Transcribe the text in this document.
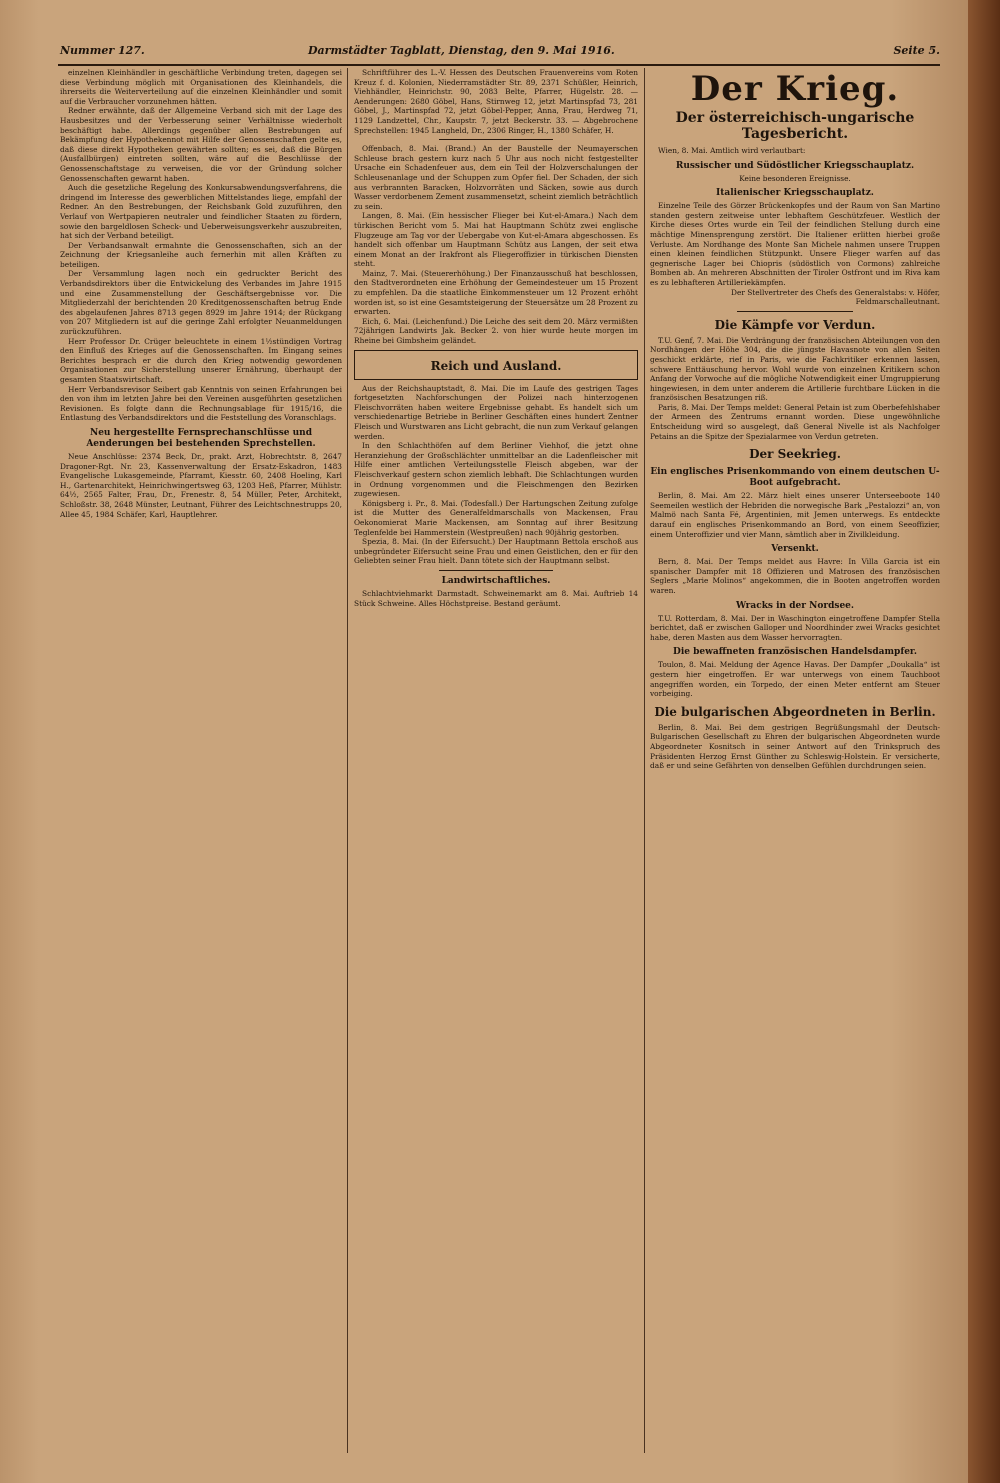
Nummer 127.	Darmstädter Tagblatt, Dienstag, den 9. Mai 1916.	Seite 5.

einzelnen Kleinhändler in geschäftliche Verbindung treten, dagegen sei diese Verbindung möglich mit Organisationen des Kleinhandels, die ihrerseits die Weiterverteilung auf die einzelnen Kleinhändler und somit auf die Verbraucher vorzunehmen hätten.

Redner erwähnte, daß der Allgemeine Verband sich mit der Lage des Hausbesitzes und der Verbesserung seiner Verhältnisse wiederholt beschäftigt habe. Allerdings gegenüber allen Bestrebungen auf Bekämpfung der Hypothekennot mit Hilfe der Genossenschaften gelte es, daß diese direkt Hypotheken gewährten sollten; es sei, daß die Bürgen (Ausfallbürgen) eintreten sollten, wäre auf die Beschlüsse der Genossenschaftstage zu verweisen, die vor der Gründung solcher Genossenschaften gewarnt haben.

Auch die gesetzliche Regelung des Konkursabwendungsverfahrens, die dringend im Interesse des gewerblichen Mittelstandes liege, empfahl der Redner. An den Bestrebungen, der Reichsbank Gold zuzuführen, den Verlauf von Wertpapieren neutraler und feindlicher Staaten zu fördern, sowie den bargeldlosen Scheck- und Ueberweisungsverkehr auszubreiten, hat sich der Verband beteiligt.

Der Verbandsanwalt ermahnte die Genossenschaften, sich an der Zeichnung der Kriegsanleihe auch fernerhin mit allen Kräften zu beteiligen.

Der Versammlung lagen noch ein gedruckter Bericht des Verbandsdirektors über die Entwickelung des Verbandes im Jahre 1915 und eine Zusammenstellung der Geschäftsergebnisse vor. Die Mitgliederzahl der berichtenden 20 Kreditgenossenschaften betrug Ende des abgelaufenen Jahres 8713 gegen 8929 im Jahre 1914; der Rückgang von 207 Mitgliedern ist auf die geringe Zahl erfolgter Neuanmeldungen zurückzuführen.

Herr Professor Dr. Crüger beleuchtete in einem 1½stündigen Vortrag den Einfluß des Krieges auf die Genossenschaften. Im Eingang seines Berichtes besprach er die durch den Krieg notwendig gewordenen Organisationen zur Sicherstellung unserer Ernährung, überhaupt der gesamten Staatswirtschaft.

Herr Verbandsrevisor Seibert gab Kenntnis von seinen Erfahrungen bei den von ihm im letzten Jahre bei den Vereinen ausgeführten gesetzlichen Revisionen. Es folgte dann die Rechnungsablage für 1915/16, die Entlastung des Verbandsdirektors und die Feststellung des Voranschlags.

Neu hergestellte Fernsprechanschlüsse und Aenderungen bei bestehenden Sprechstellen.

Neue Anschlüsse: 2374 Beck, Dr., prakt. Arzt, Hobrechtstr. 8, 2647 Dragoner-Rgt. Nr. 23, Kassenverwaltung der Ersatz-Eskadron, 1483 Evangelische Lukasgemeinde, Pfarramt, Kiesstr. 60, 2408 Hoeling, Karl H., Gartenarchitekt, Heinrichwingertsweg 63, 1203 Heß, Pfarrer, Mühlstr. 64½, 2565 Falter, Frau, Dr., Frenestr. 8, 54 Müller, Peter, Architekt, Schloßstr. 38, 2648 Münster, Leutnant, Führer des Leichtschnestrupps 20, Allee 45, 1984 Schäfer, Karl, Hauptlehrer.

Schriftführer des L.-V. Hessen des Deutschen Frauenvereins vom Roten Kreuz f. d. Kolonien, Niederramstädter Str. 89, 2371 Schüßler, Heinrich, Viehhändler, Heinrichstr. 90, 2083 Belte, Pfarrer, Hügelstr. 28. — Aenderungen: 2680 Göbel, Hans, Stirnweg 12, jetzt Martinspfad 73, 281 Göbel, J., Martinspfad 72, jetzt Göbel-Pepper, Anna, Frau, Herdweg 71, 1129 Landzettel, Chr., Kaupstr. 7, jetzt Beckerstr. 33. — Abgebrochene Sprechstellen: 1945 Langheld, Dr., 2306 Ringer, H., 1380 Schäfer, H.

Offenbach, 8. Mai. (Brand.) An der Baustelle der Neumayerschen Schleuse brach gestern kurz nach 5 Uhr aus noch nicht festgestellter Ursache ein Schadenfeuer aus, dem ein Teil der Holzverschalungen der Schleusenanlage und der Schuppen zum Opfer fiel. Der Schaden, der sich aus verbrannten Baracken, Holzvorräten und Säcken, sowie aus durch Wasser verdorbenem Zement zusammensetzt, scheint ziemlich beträchtlich zu sein.

Langen, 8. Mai. (Ein hessischer Flieger bei Kut-el-Amara.) Nach dem türkischen Bericht vom 5. Mai hat Hauptmann Schütz zwei englische Flugzeuge am Tag vor der Uebergabe von Kut-el-Amara abgeschossen. Es handelt sich offenbar um Hauptmann Schütz aus Langen, der seit etwa einem Monat an der Irakfront als Fliegeroffizier in türkischen Diensten steht.

Mainz, 7. Mai. (Steuererhöhung.) Der Finanzausschuß hat beschlossen, den Stadtverordneten eine Erhöhung der Gemeindesteuer um 15 Prozent zu empfehlen. Da die staatliche Einkommensteuer um 12 Prozent erhöht worden ist, so ist eine Gesamtsteigerung der Steuersätze um 28 Prozent zu erwarten.

Eich, 6. Mai. (Leichenfund.) Die Leiche des seit dem 20. März vermißten 72jährigen Landwirts Jak. Becker 2. von hier wurde heute morgen im Rheine bei Gimbsheim geländet.

Reich und Ausland.

Aus der Reichshauptstadt, 8. Mai. Die im Laufe des gestrigen Tages fortgesetzten Nachforschungen der Polizei nach hinterzogenen Fleischvorräten haben weitere Ergebnisse gehabt. Es handelt sich um verschiedenartige Betriebe in Berliner Geschäften eines hundert Zentner Fleisch und Wurstwaren ans Licht gebracht, die nun zum Verkauf gelangen werden.

In den Schlachthöfen auf dem Berliner Viehhof, die jetzt ohne Heranziehung der Großschlächter unmittelbar an die Ladenfleischer mit Hilfe einer amtlichen Verteilungsstelle Fleisch abgeben, war der Fleischverkauf gestern schon ziemlich lebhaft. Die Schlachtungen wurden in Ordnung vorgenommen und die Fleischmengen den Bezirken zugewiesen.

Königsberg i. Pr., 8. Mai. (Todesfall.) Der Hartungschen Zeitung zufolge ist die Mutter des Generalfeldmarschalls von Mackensen, Frau Oekonomierat Marie Mackensen, am Sonntag auf ihrer Besitzung Teglenfelde bei Hammerstein (Westpreußen) nach 90jährig gestorben.

Spezia, 8. Mai. (In der Eifersucht.) Der Hauptmann Bettola erschoß aus unbegründeter Eifersucht seine Frau und einen Geistlichen, den er für den Geliebten seiner Frau hielt. Dann tötete sich der Hauptmann selbst.

Landwirtschaftliches.

Schlachtviehmarkt Darmstadt. Schweinemarkt am 8. Mai. Auftrieb 14 Stück Schweine. Alles Höchstpreise. Bestand geräumt.

Der Krieg.
Der österreichisch-ungarische Tagesbericht.

Wien, 8. Mai. Amtlich wird verlautbart:

Russischer und Südöstlicher Kriegsschauplatz.

Keine besonderen Ereignisse.

Italienischer Kriegsschauplatz.

Einzelne Teile des Görzer Brückenkopfes und der Raum von San Martino standen gestern zeitweise unter lebhaftem Geschützfeuer. Westlich der Kirche dieses Ortes wurde ein Teil der feindlichen Stellung durch eine mächtige Minensprengung zerstört. Die Italiener erlitten hierbei große Verluste. Am Nordhange des Monte San Michele nahmen unsere Truppen einen kleinen feindlichen Stützpunkt. Unsere Flieger warfen auf das gegnerische Lager bei Chiopris (südöstlich von Cormons) zahlreiche Bomben ab. An mehreren Abschnitten der Tiroler Ostfront und im Riva kam es zu lebhafteren Artilleriekämpfen.

Der Stellvertreter des Chefs des Generalstabs: v. Höfer, Feldmarschalleutnant.

Die Kämpfe vor Verdun.

T.U. Genf, 7. Mai. Die Verdrängung der französischen Abteilungen von den Nordhängen der Höhe 304, die die jüngste Havasnote von allen Seiten geschickt erklärte, rief in Paris, wie die Fachkritiker erkennen lassen, schwere Enttäuschung hervor. Wohl wurde von einzelnen Kritikern schon Anfang der Vorwoche auf die mögliche Notwendigkeit einer Umgruppierung hingewiesen, in dem unter anderem die Artillerie furchtbare Lücken in die französischen Besatzungen riß.

Paris, 8. Mai. Der Temps meldet: General Petain ist zum Oberbefehlshaber der Armeen des Zentrums ernannt worden. Diese ungewöhnliche Entscheidung wird so ausgelegt, daß General Nivelle ist als Nachfolger Petains an die Spitze der Spezialarmee von Verdun getreten.

Der Seekrieg.
Ein englisches Prisenkommando von einem deutschen U-Boot aufgebracht.

Berlin, 8. Mai. Am 22. März hielt eines unserer Unterseeboote 140 Seemeilen westlich der Hebriden die norwegische Bark „Pestalozzi“ an, von Malmö nach Santa Fé, Argentinien, mit Jemen unterwegs. Es entdeckte darauf ein englisches Prisenkommando an Bord, von einem Seeoffizier, einem Unteroffizier und vier Mann, sämtlich aber in Zivilkleidung.

Versenkt.

Bern, 8. Mai. Der Temps meldet aus Havre: In Villa Garcia ist ein spanischer Dampfer mit 18 Offizieren und Matrosen des französischen Seglers „Marie Molinos“ angekommen, die in Booten angetroffen worden waren.

Wracks in der Nordsee.

T.U. Rotterdam, 8. Mai. Der in Waschington eingetroffene Dampfer Stella berichtet, daß er zwischen Galloper und Noordhinder zwei Wracks gesichtet habe, deren Masten aus dem Wasser hervorragten.

Die bewaffneten französischen Handelsdampfer.

Toulon, 8. Mai. Meldung der Agence Havas. Der Dampfer „Doukalla“ ist gestern hier eingetroffen. Er war unterwegs von einem Tauchboot angegriffen worden, ein Torpedo, der einen Meter entfernt am Steuer vorbeiging.

Die bulgarischen Abgeordneten in Berlin.

Berlin, 8. Mai. Bei dem gestrigen Begrüßungsmahl der Deutsch-Bulgarischen Gesellschaft zu Ehren der bulgarischen Abgeordneten wurde Abgeordneter Kosnitsch in seiner Antwort auf den Trinkspruch des Präsidenten Herzog Ernst Günther zu Schleswig-Holstein. Er versicherte, daß er und seine Gefährten von denselben Gefühlen durchdrungen seien.
